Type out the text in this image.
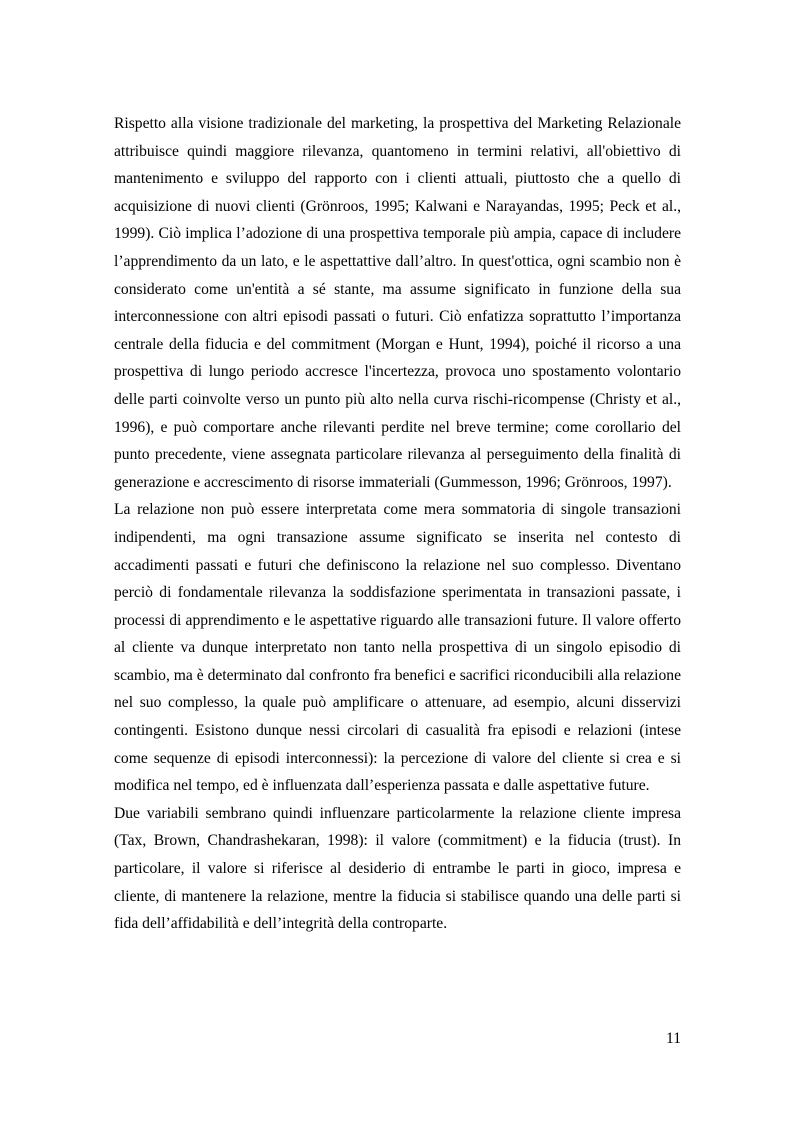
Rispetto alla visione tradizionale del marketing, la prospettiva del Marketing Relazionale attribuisce quindi maggiore rilevanza, quantomeno in termini relativi, all'obiettivo di mantenimento e sviluppo del rapporto con i clienti attuali, piuttosto che a quello di acquisizione di nuovi clienti (Grönroos, 1995; Kalwani e Narayandas, 1995; Peck et al., 1999). Ciò implica l’adozione di una prospettiva temporale più ampia, capace di includere l’apprendimento da un lato, e le aspettattive dall’altro. In quest'ottica, ogni scambio non è considerato come un'entità a sé stante, ma assume significato in funzione della sua interconnessione con altri episodi passati o futuri. Ciò enfatizza soprattutto l’importanza centrale della fiducia e del commitment (Morgan e Hunt, 1994), poiché il ricorso a una prospettiva di lungo periodo accresce l'incertezza, provoca uno spostamento volontario delle parti coinvolte verso un punto più alto nella curva rischi-ricompense (Christy et al., 1996), e può comportare anche rilevanti perdite nel breve termine; come corollario del punto precedente, viene assegnata particolare rilevanza al perseguimento della finalità di generazione e accrescimento di risorse immateriali (Gummesson, 1996; Grönroos, 1997).

La relazione non può essere interpretata come mera sommatoria di singole transazioni indipendenti, ma ogni transazione assume significato se inserita nel contesto di accadimenti passati e futuri che definiscono la relazione nel suo complesso. Diventano perciò di fondamentale rilevanza la soddisfazione sperimentata in transazioni passate, i processi di apprendimento e le aspettative riguardo alle transazioni future. Il valore offerto al cliente va dunque interpretato non tanto nella prospettiva di un singolo episodio di scambio, ma è determinato dal confronto fra benefici e sacrifici riconducibili alla relazione nel suo complesso, la quale può amplificare o attenuare, ad esempio, alcuni disservizi contingenti. Esistono dunque nessi circolari di casualità fra episodi e relazioni (intese come sequenze di episodi interconnessi): la percezione di valore del cliente si crea e si modifica nel tempo, ed è influenzata dall’esperienza passata e dalle aspettative future.

Due variabili sembrano quindi influenzare particolarmente la relazione cliente impresa (Tax, Brown, Chandrashekaran, 1998): il valore (commitment) e la fiducia (trust). In particolare, il valore si riferisce al desiderio di entrambe le parti in gioco, impresa e cliente, di mantenere la relazione, mentre la fiducia si stabilisce quando una delle parti si fida dell’affidabilità e dell’integrità della controparte.

11
